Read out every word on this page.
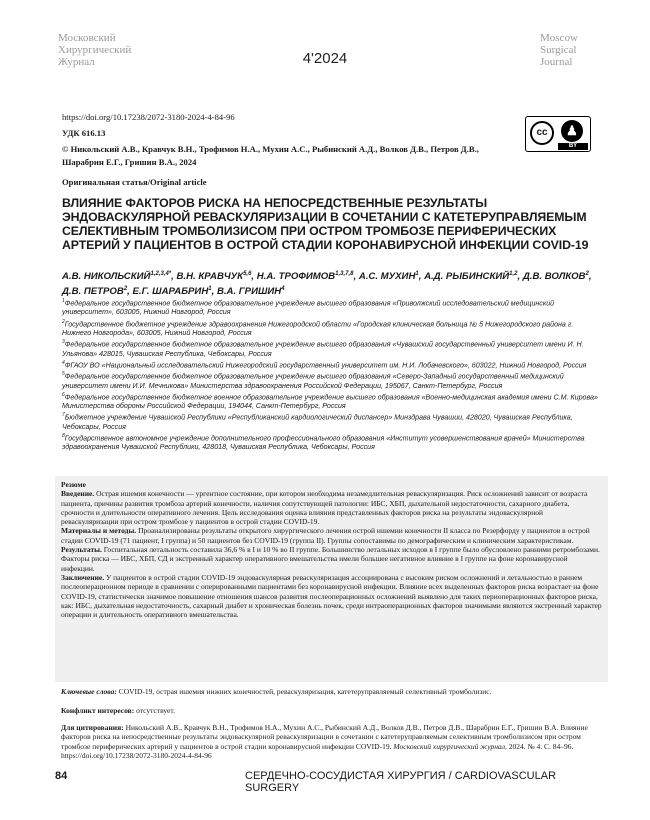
Московский
Хирургический
Журнал	4'2024
Moscow
Surgical
Journal
https://doi.org/10.17238/2072-3180-2024-4-84-96
УДК 616.13	cc	♟
BY
© Никольский А.В., Кравчук В.Н., Трофимов Н.А., Мухин А.С., Рыбинский А.Д., Волков Д.В., Петров Д.В., Шарабрин Е.Г., Гришин В.А., 2024
Оригинальная статья/Original article
ВЛИЯНИЕ ФАКТОРОВ РИСКА НА НЕПОСРЕДСТВЕННЫЕ РЕЗУЛЬТАТЫ ЭНДОВАСКУЛЯРНОЙ РЕВАСКУЛЯРИЗАЦИИ В СОЧЕТАНИИ С КАТЕТЕРУПРАВЛЯЕМЫМ СЕЛЕКТИВНЫМ ТРОМБОЛИЗИСОМ ПРИ ОСТРОМ ТРОМБОЗЕ ПЕРИФЕРИЧЕСКИХ АРТЕРИЙ У ПАЦИЕНТОВ В ОСТРОЙ СТАДИИ КОРОНАВИРУСНОЙ ИНФЕКЦИИ COVID-19
А.В. $НИКОЛЬСКИЙ^{1,2,3,4*}$, В.Н. КРАВЧУК$^{5,6}$, Н.А. ТРОФИМОВ$^{1,3,7,8}$, А.С. МУХИН$^1$, А.Д. РЫБИНСКИЙ$^{1,2}$, Д.В. ВОЛКОВ$^2$, Д.В. ПЕТРОВ$^2$, Е.Г. ШАРАБРИН$^1$, В.А. ГРИШИН$^4$
$^1$Федеральное государственное бюджетное образовательное учреждение высшего образования «Приволжский исследовательский медицинский университет», 603005, Нижний Новгород, Россия
$^2$Государственное бюджетное учреждение здравоохранения Нижегородской области «Городская клиническая больница № 5 Нижегородского района г. Нижнего Новгорода», 603005, Нижний Новгород, Россия
$^3$Федеральное государственное бюджетное образовательное учреждение высшего образования «Чувашский государственный университет имени И. Н. Ульянова» 428015, Чувашская Республика, Чебоксары, Россия
$^4$ФГАОУ ВО «Национальный исследовательский Нижегородский государственный университет им. Н.И. Лобачевского», 603022, Нижний Новгород, Россия
$^5$Федеральное государственное бюджетное образовательное учреждение высшего образования «Северо-Западный государственный медицинский университет имени И.И. Мечникова» Министерства здравоохранения Российской Федерации, 195067, Санкт-Петербург, Россия
$^6$Федеральное государственное бюджетное военное образовательное учреждение высшего образования «Военно-медицинская академия имени С.М. Кирова» Министерства обороны Российской Федерации, 194044, Санкт-Петербург, Россия
$^7$Бюджетное учреждение Чувашской Республики «Республиканский кардиологический диспансер» Минздрава Чувашии, 428020, Чувашская Республика, Чебоксары, Россия
$^8$Государственное автономное учреждение дополнительного профессионального образования «Институт усовершенствования врачей» Министерства здравоохранения Чувашской Республики, 428018, Чувашская Республика, Чебоксары, Россия

Резюме

Введение. Острая ишемия конечности — ургентное состояние, при котором необходима незамедлительная реваскуляризация. Риск осложнений зависит от возраста пациента, причины развития тромбоза артерий конечности, наличия сопутствующей патологии: ИБС, ХБП, дыхательной недостаточности, сахарного диабета, срочности и длительности оперативного лечения. Цель исследования оценка влияния представленных факторов риска на результаты эндоваскулярной реваскуляризации при остром тромбозе у пациентов в острой стадии COVID-19.

Материалы и методы. Проанализированы результаты открытого хирургического лечения острой ишемии конечности II класса по Резерфорду у пациентов в острой стадии COVID-19 (71 пациент, I группа) и 50 пациентов без COVID-19 (группа II). Группы сопоставимы по демографическим и клиническим характеристикам.

Результаты. Госпитальная летальность составила 36,6 % в I и 10 % во II группе. Большинство летальных исходов в I группе было обусловлено ранними ретромбозами. Факторы риска — ИБС, ХБП, СД и экстренный характер оперативного вмешательства имели большее негативное влияние в I группе на фоне коронавирусной инфекции.

Заключение. У пациентов в острой стадии COVID-19 эндоваскулярная реваскуляризация ассоциирована с высоким риском осложнений и летальностью в раннем послеоперационном периоде в сравнении с оперированными пациентами без коронавирусной инфекции. Влияние всех выделенных факторов риска возрастает на фоне COVID-19, статистически значимое повышение отношения шансов развития послеоперационных осложнений выявлено для таких периоперационных факторов риска, как: ИБС, дыхательная недостаточность, сахарный диабет и хроническая болезнь почек, среди интраоперационных факторов значимыми являются экстренный характер операции и длительность оперативного вмешательства.

Ключевые слова: COVID-19, острая ишемия нижних конечностей, реваскуляризация, катетеруправляемый селективный тромболизис.
Конфликт интересов: отсутствует.
Для цитирования: Никольский А.В., Кравчук В.Н., Трофимов Н.А., Мухин А.С., Рыбинский А.Д., Волков Д.В., Петров Д.В., Шарабрин Е.Г., Гришин В.А. Влияние факторов риска на непосредственные результаты эндоваскулярной реваскуляризации в сочетании с катетеруправляемым селективным тромболизисом при остром тромбозе периферических артерий у пациентов в острой стадии коронавирусной инфекции COVID-19. Московский хирургический журнал, 2024. № 4. С. 84–96. https://doi.org/10.17238/2072-3180-2024-4-84-96
84	СЕРДЕЧНО-СОСУДИСТАЯ ХИРУРГИЯ / CARDIOVASCULAR SURGERY
